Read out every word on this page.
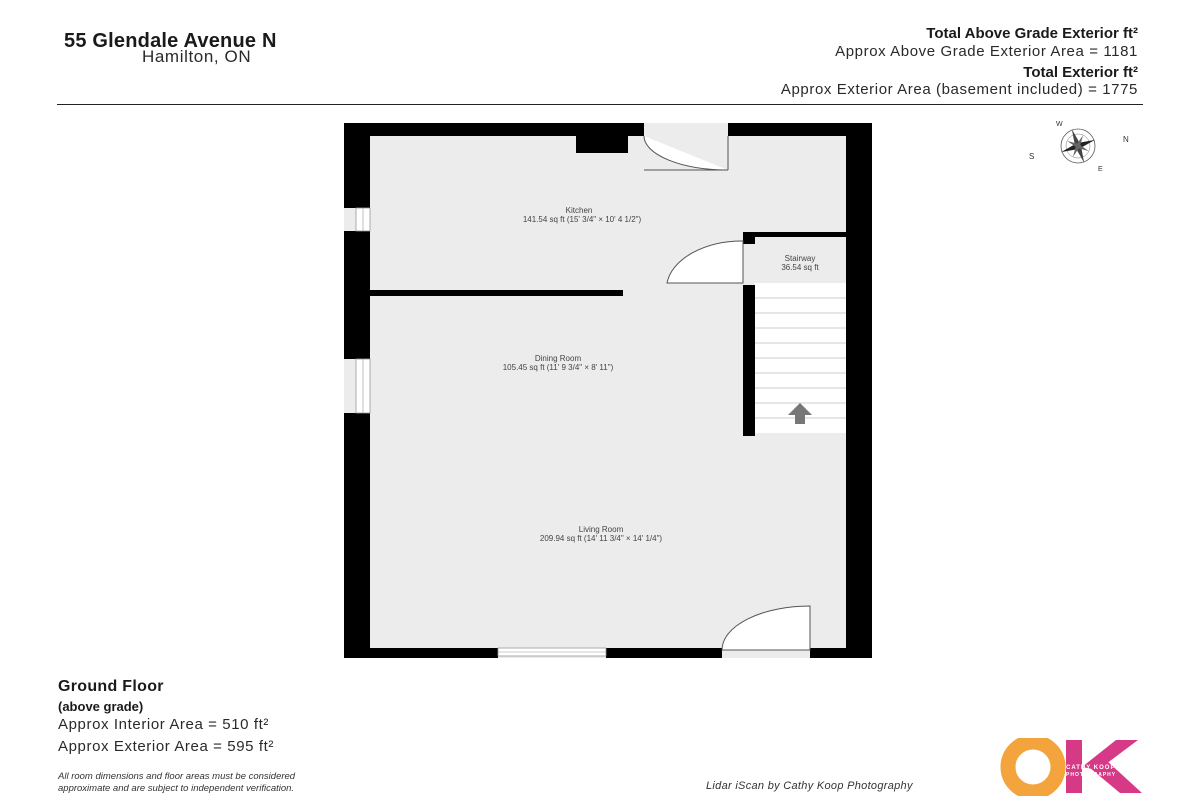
55 Glendale Avenue N
Hamilton, ON
Total Above Grade Exterior ft²
Approx Above Grade Exterior Area = 1181
Total Exterior ft²
Approx Exterior Area (basement included) = 1775
Kitchen
141.54 sq ft (15' 3/4" × 10' 4 1/2")
Stairway
36.54 sq ft
Dining Room
105.45 sq ft (11' 9 3/4" × 8' 11")
Living Room
209.94 sq ft (14' 11 3/4" × 14' 1/4")
N
S
E
W
Ground Floor
(above grade)
Approx Interior Area = 510 ft²
Approx Exterior Area = 595 ft²
All room dimensions and floor areas must be considered
approximate and are subject to independent verification.	Lidar iScan by Cathy Koop Photography
CATHY KOOP
PHOTOGRAPHY
